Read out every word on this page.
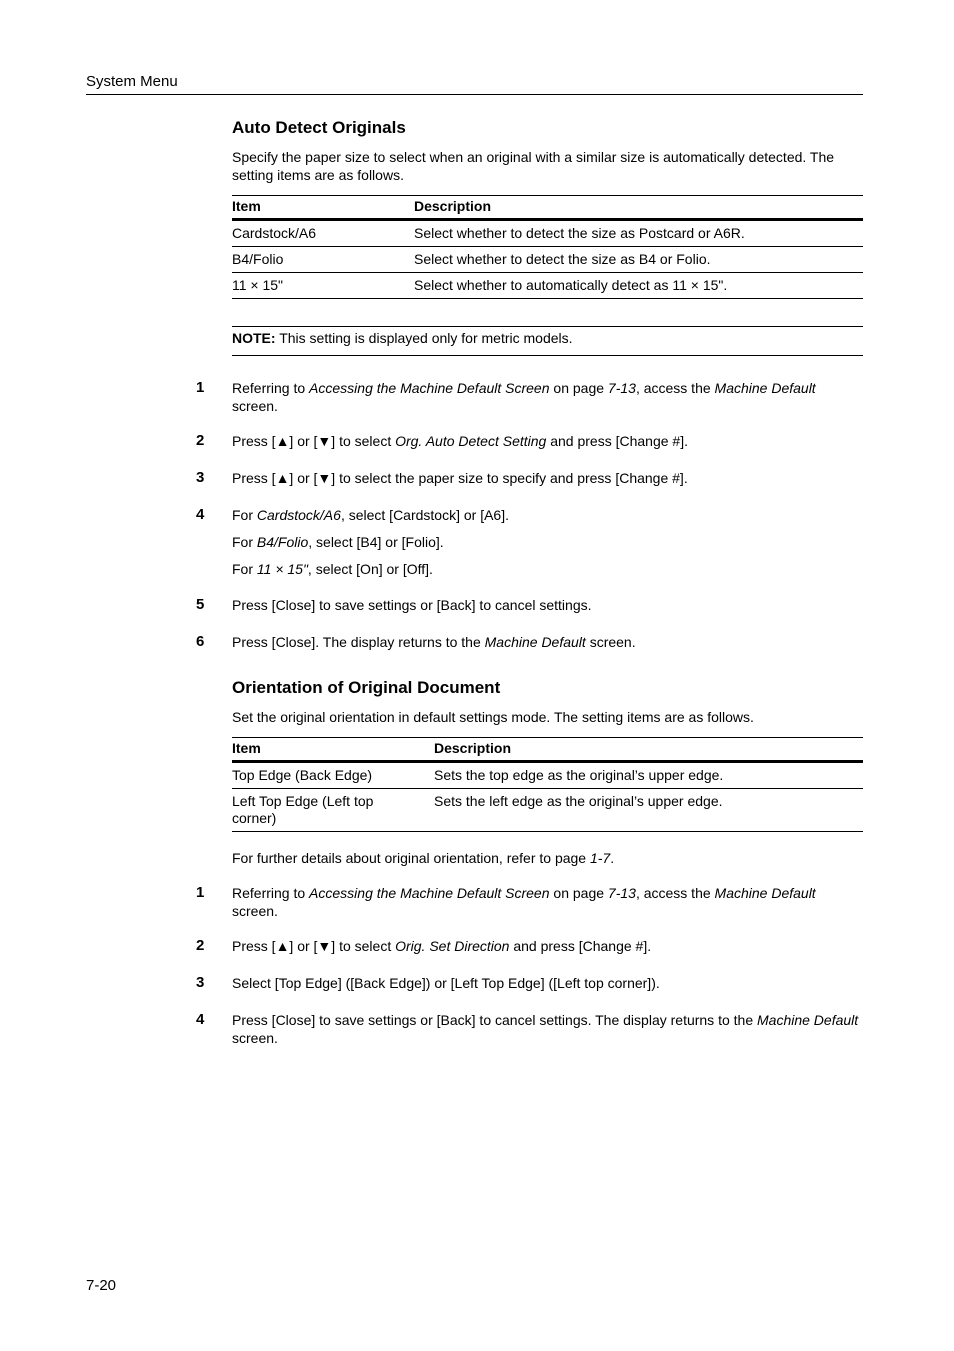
System Menu
Auto Detect Originals

Specify the paper size to select when an original with a similar size is automatically detected. The setting items are as follows.

Item	Description
Cardstock/A6	Select whether to detect the size as Postcard or A6R.
B4/Folio	Select whether to detect the size as B4 or Folio.
11 × 15"	Select whether to automatically detect as 11 × 15".
NOTE: This setting is displayed only for metric models.
1 Referring to Accessing the Machine Default Screen on page 7-13, access the Machine Default screen.
2 Press [▲] or [▼] to select Org. Auto Detect Setting and press [Change #].
3 Press [▲] or [▼] to select the paper size to specify and press [Change #].
4 For Cardstock/A6, select [Cardstock] or [A6].
For B4/Folio, select [B4] or [Folio].
For 11 × 15", select [On] or [Off].
5 Press [Close] to save settings or [Back] to cancel settings.
6 Press [Close]. The display returns to the Machine Default screen.
Orientation of Original Document

Set the original orientation in default settings mode. The setting items are as follows.

Item	Description
Top Edge (Back Edge)	Sets the top edge as the original’s upper edge.
Left Top Edge (Left top corner)	Sets the left edge as the original’s upper edge.

For further details about original orientation, refer to page 1-7.

1 Referring to Accessing the Machine Default Screen on page 7-13, access the Machine Default screen.
2 Press [▲] or [▼] to select Orig. Set Direction and press [Change #].
3 Select [Top Edge] ([Back Edge]) or [Left Top Edge] ([Left top corner]).
4 Press [Close] to save settings or [Back] to cancel settings. The display returns to the Machine Default screen.
7-20
